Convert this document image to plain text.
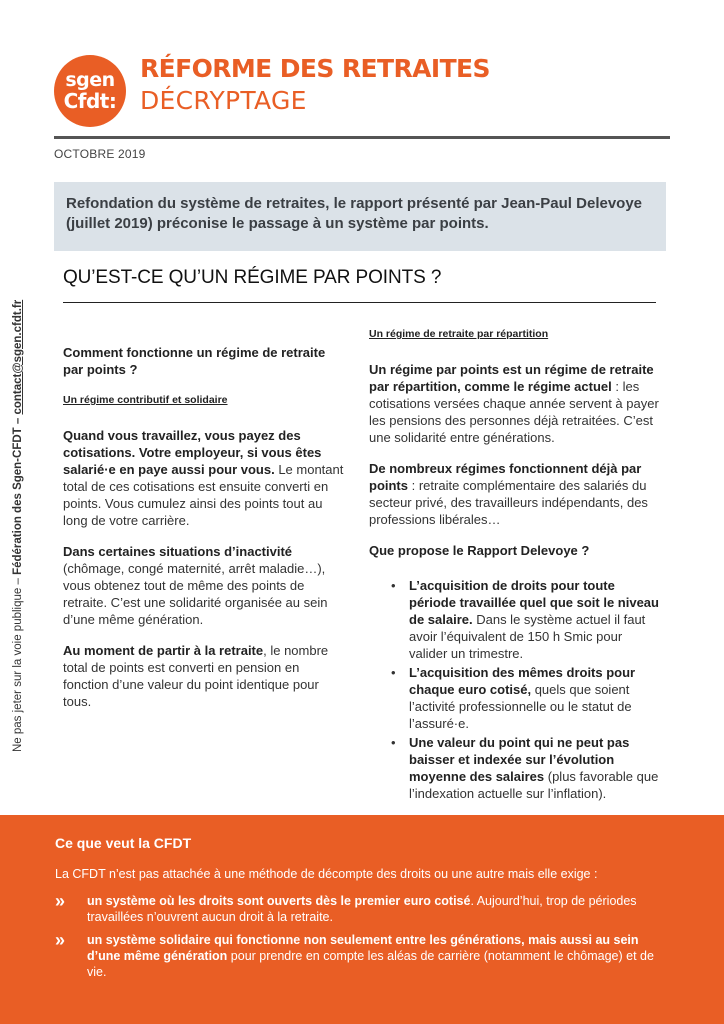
sgen
Cfdt:
RÉFORME DES RETRAITES
DÉCRYPTAGE
OCTOBRE 2019
Refondation du système de retraites, le rapport présenté par Jean-Paul Delevoye (juillet 2019) préconise le passage à un système par points.
QU’EST-CE QU’UN RÉGIME PAR POINTS ?
Ne pas jeter sur la voie publique – Fédération des Sgen-CFDT – contact@sgen.cfdt.fr	Comment fonctionne un régime de retraite par points ?

Un régime contributif et solidaire

Quand vous travaillez, vous payez des cotisations. Votre employeur, si vous êtes salarié·e en paye aussi pour vous. Le montant total de ces cotisations est ensuite converti en points. Vous cumulez ainsi des points tout au long de votre carrière.

Dans certaines situations d’inactivité (chômage, congé maternité, arrêt maladie…), vous obtenez tout de même des points de retraite. C’est une solidarité organisée au sein d’une même génération.

Au moment de partir à la retraite, le nombre total de points est converti en pension en fonction d’une valeur du point identique pour tous.

Un régime de retraite par répartition

Un régime par points est un régime de retraite par répartition, comme le régime actuel : les cotisations versées chaque année servent à payer les pensions des personnes déjà retraitées. C’est une solidarité entre générations.

De nombreux régimes fonctionnent déjà par points : retraite complémentaire des salariés du secteur privé, des travailleurs indépendants, des professions libérales…

Que propose le Rapport Delevoye ?

• L’acquisition de droits pour toute période travaillée quel que soit le niveau de salaire. Dans le système actuel il faut avoir l’équivalent de 150 h Smic pour valider un trimestre.
• L’acquisition des mêmes droits pour chaque euro cotisé, quels que soient l’activité professionnelle ou le statut de l’assuré·e.
• Une valeur du point qui ne peut pas baisser et indexée sur l’évolution moyenne des salaires (plus favorable que l’indexation actuelle sur l’inflation).
Ce que veut la CFDT
La CFDT n’est pas attachée à une méthode de décompte des droits ou une autre mais elle exige :
» un système où les droits sont ouverts dès le premier euro cotisé. Aujourd’hui, trop de périodes travaillées n’ouvrent aucun droit à la retraite.
» un système solidaire qui fonctionne non seulement entre les générations, mais aussi au sein d’une même génération pour prendre en compte les aléas de carrière (notamment le chômage) et de vie.
